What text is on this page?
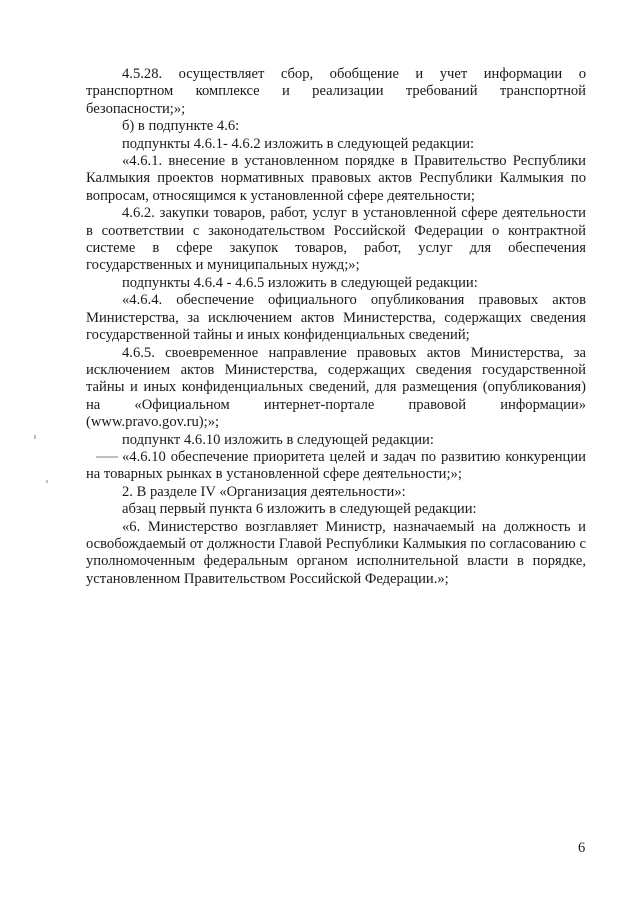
4.5.28. осуществляет сбор, обобщение и учет информации о транспортном комплексе и реализации требований транспортной безопасности;»;

б) в подпункте 4.6:

подпункты 4.6.1- 4.6.2 изложить в следующей редакции:

«4.6.1. внесение в установленном порядке в Правительство Республики Калмыкия проектов нормативных правовых актов Республики Калмыкия по вопросам, относящимся к установленной сфере деятельности;

4.6.2. закупки товаров, работ, услуг в установленной сфере деятельности в соответствии с законодательством Российской Федерации о контрактной системе в сфере закупок товаров, работ, услуг для обеспечения государственных и муниципальных нужд;»;

подпункты 4.6.4 - 4.6.5 изложить в следующей редакции:

«4.6.4. обеспечение официального опубликования правовых актов Министерства, за исключением актов Министерства, содержащих сведения государственной тайны и иных конфиденциальных сведений;

4.6.5. своевременное направление правовых актов Министерства, за исключением актов Министерства, содержащих сведения государственной тайны и иных конфиденциальных сведений, для размещения (опубликования) на «Официальном интернет-портале правовой информации» (www.pravo.gov.ru);»;

подпункт 4.6.10 изложить в следующей редакции:

«4.6.10 обеспечение приоритета целей и задач по развитию конкуренции на товарных рынках в установленной сфере деятельности;»;

2. В разделе IV «Организация деятельности»:

абзац первый пункта 6 изложить в следующей редакции:

«6. Министерство возглавляет Министр, назначаемый на должность и освобождаемый от должности Главой Республики Калмыкия по согласованию с уполномоченным федеральным органом исполнительной власти в порядке, установленном Правительством Российской Федерации.»;

6
